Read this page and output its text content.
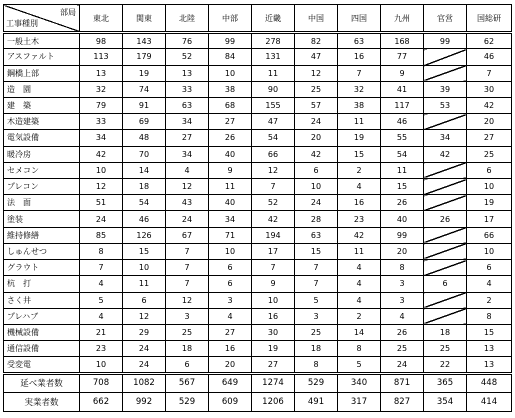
部局
工事種別	東北	関東	北陸	中部	近畿	中国	四国	九州	官営	国総研
一般土木	98	143	76	99	278	82	63	168	99	62
アスファルト	113	179	52	84	131	47	16	77		46
鋼橋上部	13	19	13	10	11	12	7	9		7
造　園	32	74	33	38	90	25	32	41	39	30
建　築	79	91	63	68	155	57	38	117	53	42
木造建築	33	69	34	27	47	24	11	46		20
電気設備	34	48	27	26	54	20	19	55	34	27
暖冷房	42	70	34	40	66	42	15	54	42	25
セメコン	10	14	4	9	12	6	2	11		6
プレコン	12	18	12	11	7	10	4	15		10
法　面	51	54	43	40	52	24	16	26		19
塗装	24	46	24	34	42	28	23	40	26	17
維持修繕	85	126	67	71	194	63	42	99		66
しゅんせつ	8	15	7	10	17	15	11	20		10
グラウト	7	10	7	6	7	7	4	8		6
杭　打	4	11	7	6	9	7	4	3	6	4
さく井	5	6	12	3	10	5	4	3		2
プレハブ	4	12	3	4	16	3	2	4		8
機械設備	21	29	25	27	30	25	14	26	18	15
通信設備	23	24	18	16	19	18	8	25	25	13
受変電	10	24	6	20	27	8	5	24	22	13
延べ業者数	708	1082	567	649	1274	529	340	871	365	448
実業者数	662	992	529	609	1206	491	317	827	354	414
